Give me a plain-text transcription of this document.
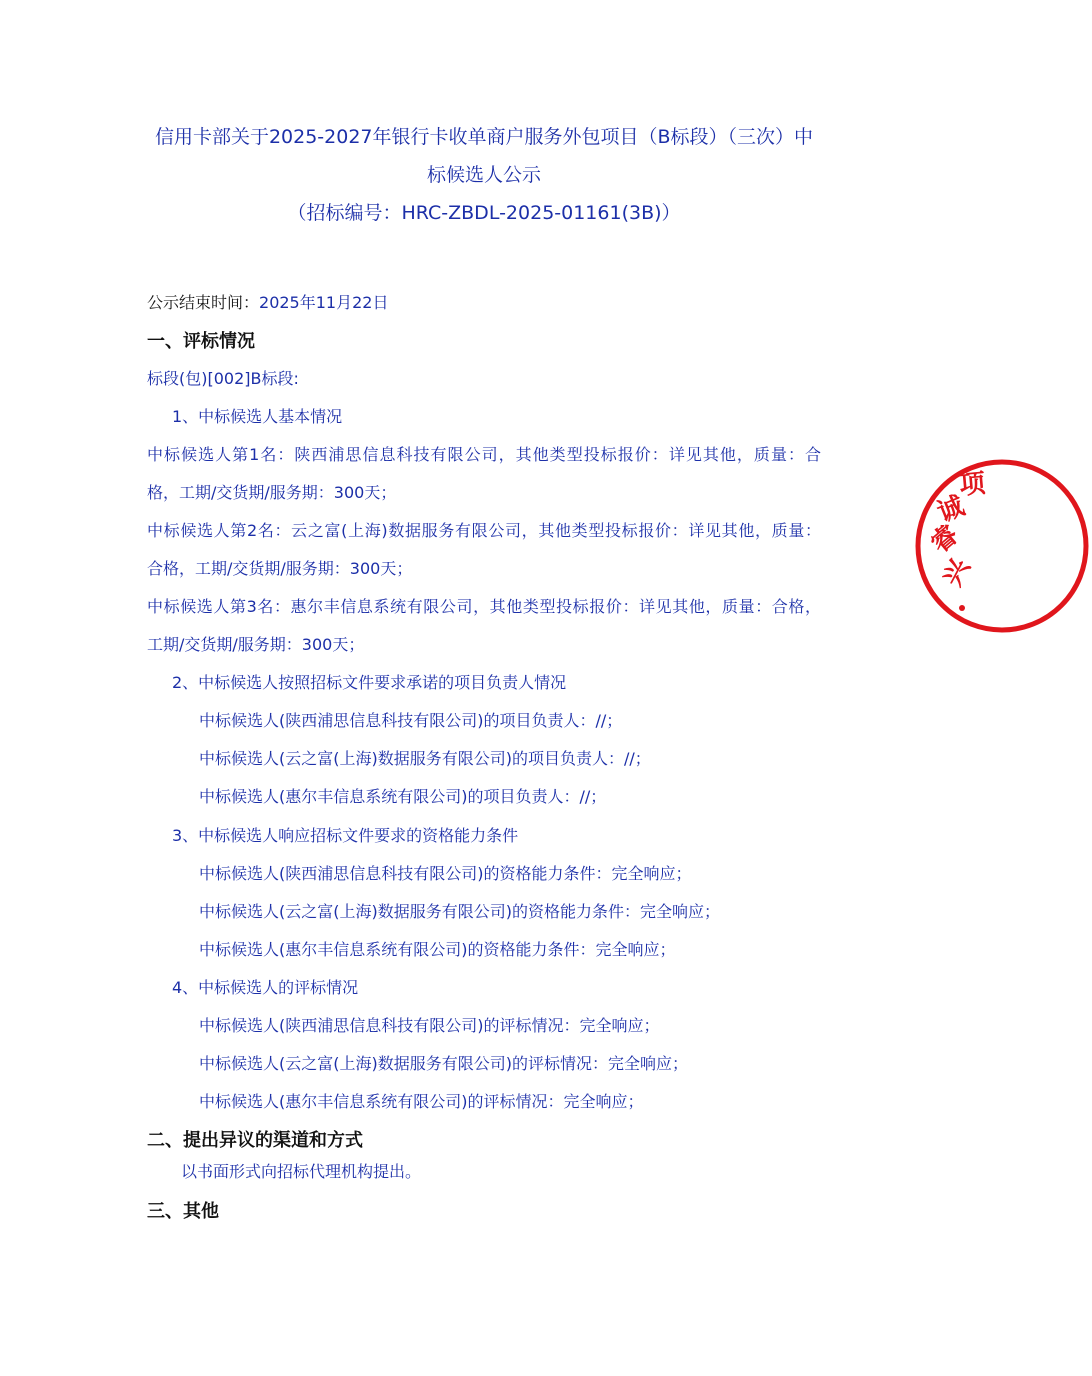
信用卡部关于2025-2027年银行卡收单商户服务外包项目（B标段）（三次）中

标候选人公示

（招标编号：HRC-ZBDL-2025-01161(3B)）

公示结束时间：2025年11月22日

一、评标情况

标段(包)[002]B标段:

1、中标候选人基本情况

中标候选人第1名：陕西浦思信息科技有限公司，其他类型投标报价：详见其他，质量：合

格，工期/交货期/服务期：300天；

中标候选人第2名：云之富(上海)数据服务有限公司，其他类型投标报价：详见其他，质量：

合格，工期/交货期/服务期：300天；

中标候选人第3名：惠尔丰信息系统有限公司，其他类型投标报价：详见其他，质量：合格，

工期/交货期/服务期：300天；

2、中标候选人按照招标文件要求承诺的项目负责人情况

中标候选人(陕西浦思信息科技有限公司)的项目负责人：//；

中标候选人(云之富(上海)数据服务有限公司)的项目负责人：//；

中标候选人(惠尔丰信息系统有限公司)的项目负责人：//；

3、中标候选人响应招标文件要求的资格能力条件

中标候选人(陕西浦思信息科技有限公司)的资格能力条件：完全响应；

中标候选人(云之富(上海)数据服务有限公司)的资格能力条件：完全响应；

中标候选人(惠尔丰信息系统有限公司)的资格能力条件：完全响应；

4、中标候选人的评标情况

中标候选人(陕西浦思信息科技有限公司)的评标情况：完全响应；

中标候选人(云之富(上海)数据服务有限公司)的评标情况：完全响应；

中标候选人(惠尔丰信息系统有限公司)的评标情况：完全响应；

二、提出异议的渠道和方式

以书面形式向招标代理机构提出。

三、其他

兴
睿
诚
项
